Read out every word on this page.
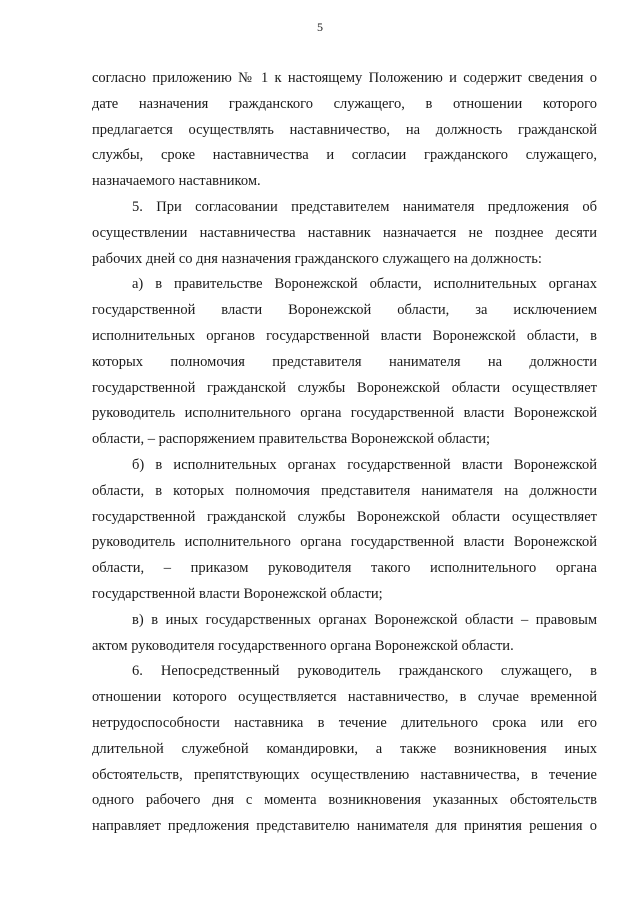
5

согласно приложению № 1 к настоящему Положению и содержит сведения о

дате назначения гражданского служащего, в отношении которого

предлагается осуществлять наставничество, на должность гражданской

службы, сроке наставничества и согласии гражданского служащего,

назначаемого наставником.

5. При согласовании представителем нанимателя предложения об

осуществлении наставничества наставник назначается не позднее десяти

рабочих дней со дня назначения гражданского служащего на должность:

а) в правительстве Воронежской области, исполнительных органах

государственной власти Воронежской области, за исключением

исполнительных органов государственной власти Воронежской области, в

которых полномочия представителя нанимателя на должности

государственной гражданской службы Воронежской области осуществляет

руководитель исполнительного органа государственной власти Воронежской

области, – распоряжением правительства Воронежской области;

б) в исполнительных органах государственной власти Воронежской

области, в которых полномочия представителя нанимателя на должности

государственной гражданской службы Воронежской области осуществляет

руководитель исполнительного органа государственной власти Воронежской

области, – приказом руководителя такого исполнительного органа

государственной власти Воронежской области;

в) в иных государственных органах Воронежской области – правовым

актом руководителя государственного органа Воронежской области.

6. Непосредственный руководитель гражданского служащего, в

отношении которого осуществляется наставничество, в случае временной

нетрудоспособности наставника в течение длительного срока или его

длительной служебной командировки, а также возникновения иных

обстоятельств, препятствующих осуществлению наставничества, в течение

одного рабочего дня с момента возникновения указанных обстоятельств

направляет предложения представителю нанимателя для принятия решения о
